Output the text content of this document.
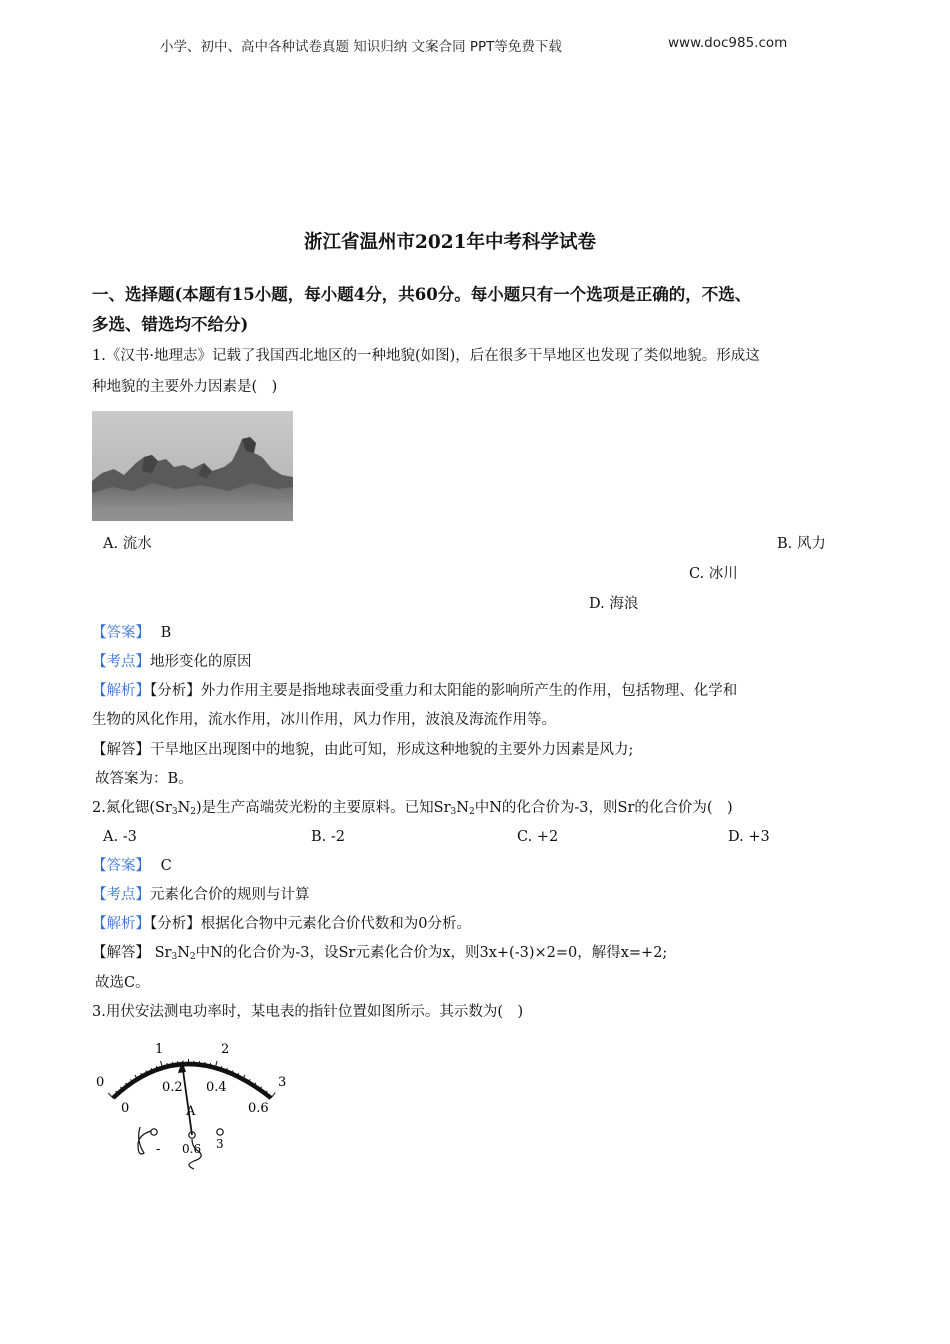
小学、初中、高中各种试卷真题 知识归纳 文案合同 PPT等免费下载	www.doc985.com
浙江省温州市2021年中考科学试卷
一、选择题(本题有15小题，每小题4分，共60分。每小题只有一个选项是正确的，不选、
多选、错选均不给分)
1.《汉书·地理志》记载了我国西北地区的一种地貌(如图)，后在很多干旱地区也发现了类似地貌。形成这
种地貌的主要外力因素是(　)
A. 流水	B. 风力
C. 冰川
D. 海浪
【答案】 B
【考点】地形变化的原因
【解析】【分析】外力作用主要是指地球表面受重力和太阳能的影响所产生的作用，包括物理、化学和
生物的风化作用，流水作用，冰川作用，风力作用，波浪及海流作用等。
【解答】干旱地区出现图中的地貌，由此可知，形成这种地貌的主要外力因素是风力;
故答案为：B。
2.氮化锶$(Sr_3N_2)$是生产高端荧光粉的主要原料。已知$Sr_3N_2$中N的化合价为-3，则Sr的化合价为(　)
A. -3	B. -2	C. +2	D. +3
【答案】 C
【考点】元素化合价的规则与计算
【解析】【分析】根据化合物中元素化合价代数和为0分析。
【解答】 $Sr_3N_2$中N的化合价为-3，设Sr元素化合价为x，则3x+(-3)×2=0，解得x=+2;
故选C。
3.用伏安法测电功率时，某电表的指针位置如图所示。其示数为(　)
0
1	2
3
0
0.2 0.4
0.6
A
- 0.6 3
